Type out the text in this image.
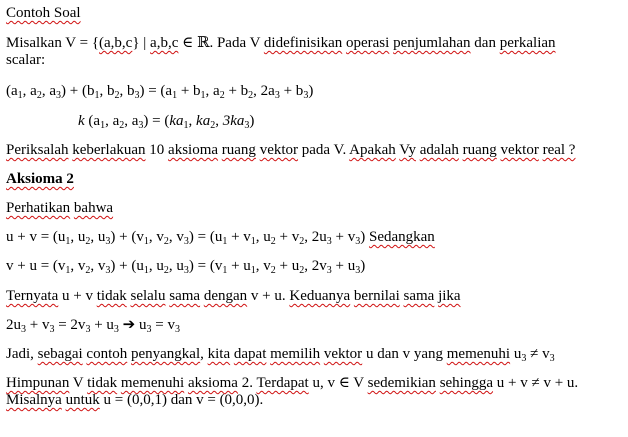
Contoh Soal
Misalkan V = {(a,b,c} | a,b,c ∈ ℝ. Pada V didefinisikan operasi penjumlahan dan perkalian
scalar:
($a_1$, $a_2$, $a_3) + (b_1$, $b_2$, $b_3) = (a_1 + b_1$, $a_2 + b_2$, $2a_3 + b_3$)
k ($a_1$, $a_2$, $a_3) = (ka_1$, $ka_2$, $3ka_3$)
Periksalah keberlakuan 10 aksioma ruang vektor pada V. Apakah Vy adalah ruang vektor real ?
Aksioma 2
Perhatikan bahwa
$u + v = (u_1$, $u_2$, $u_3) + (v_1$, $v_2$, $v_3) = (u_1 + v_1$, $u_2 + v_2$, $2u_3 + v_3$) Sedangkan
$v + u = (v_1$, $v_2$, $v_3) + (u_1$, $u_2$, $u_3) = (v_1 + u_1$, $v_2 + u_2$, $2v_3 + u_3$)
Ternyata u + v tidak selalu sama dengan v + u. Keduanya bernilai sama jika
$2u_3 + v_3 = 2v_3 + u_3$ ➔ $u_3 = v_3$
Jadi, sebagai contoh penyangkal, kita dapat memilih vektor u dan v yang memenuhi $u_3 \ne v_3$
Himpunan V tidak memenuhi aksioma 2. Terdapat u, v ∈ V sedemikian sehingga u + v ≠ v + u.
Misalnya untuk u = (0,0,1) dan v = (0,0,0).
